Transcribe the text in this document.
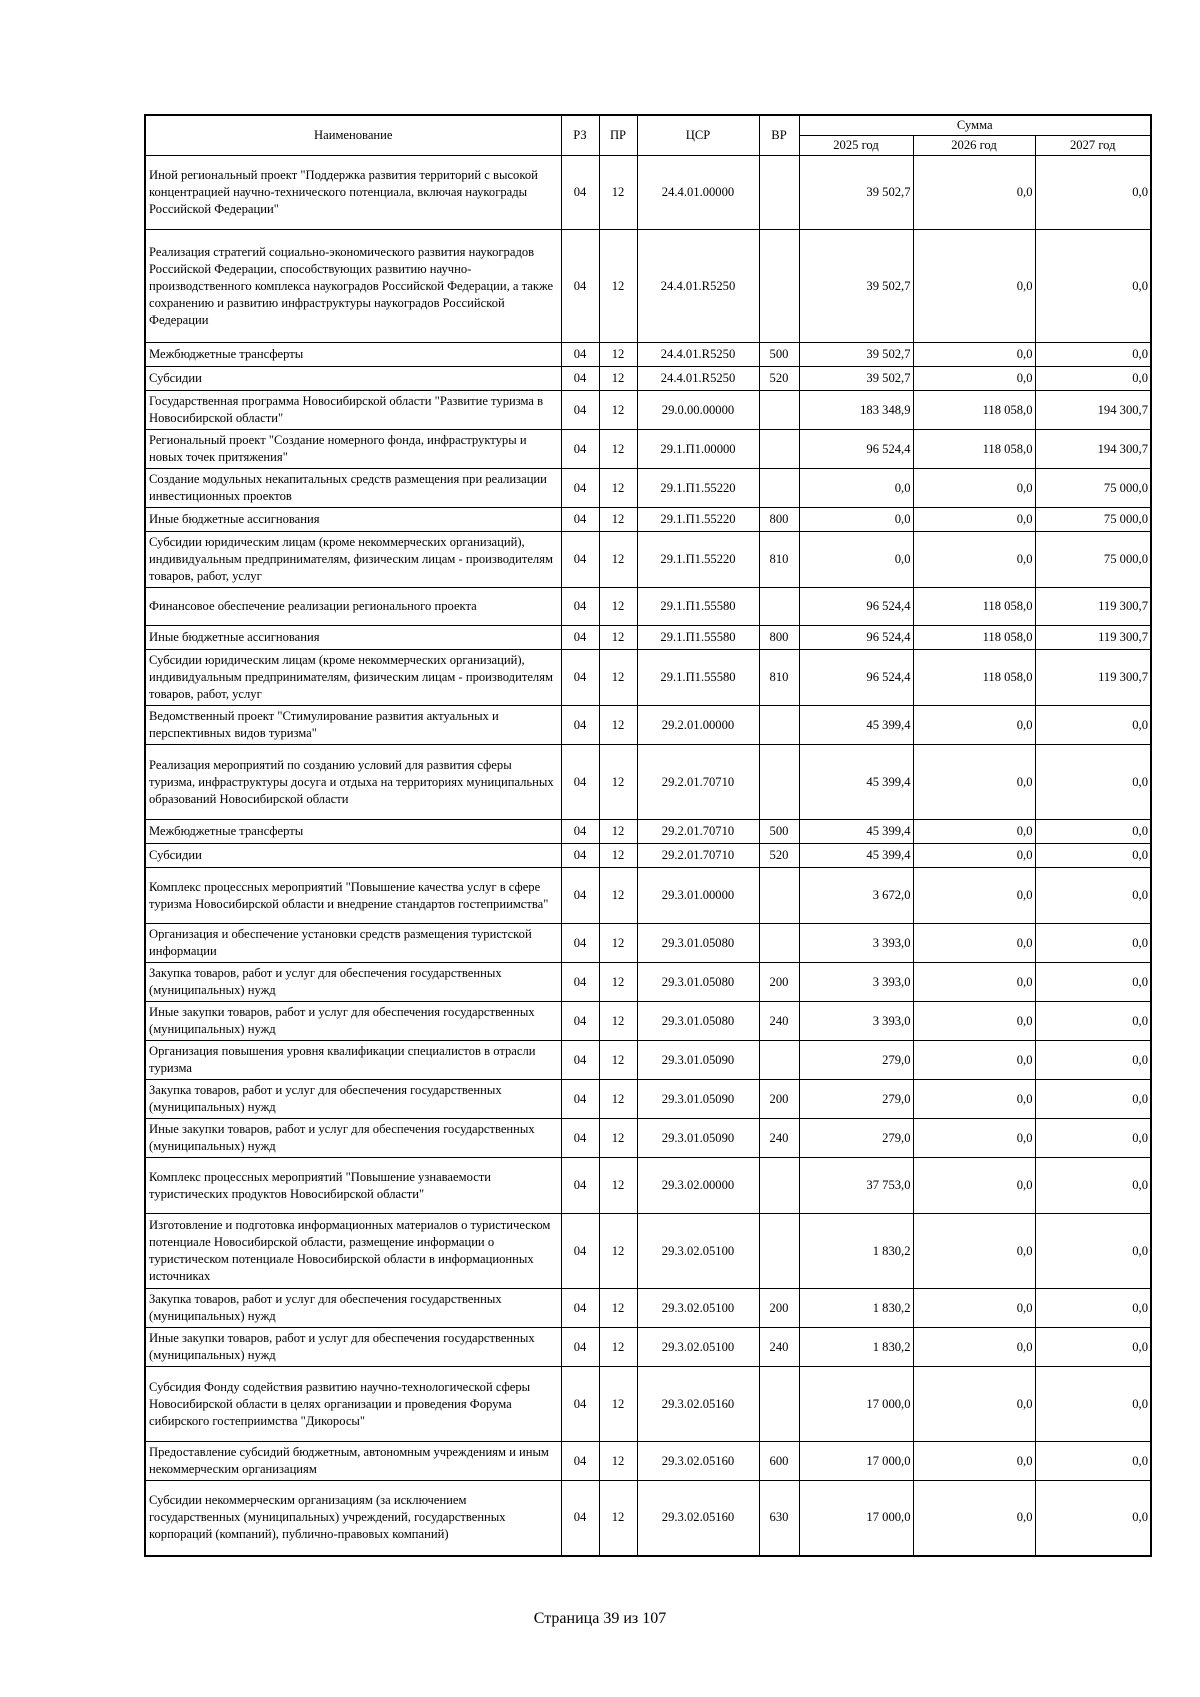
Наименование	РЗ	ПР	ЦСР	ВР	Сумма		
					2025 год	2026 год	2027 год
Иной региональный проект "Поддержка развития территорий с высокой концентрацией научно-технического потенциала, включая наукограды Российской Федерации"	04	12	24.4.01.00000		39 502,7	0,0	0,0
Реализация стратегий социально-экономического развития наукоградов Российской Федерации, способствующих развитию научно-производственного комплекса наукоградов Российской Федерации, а также сохранению и развитию инфраструктуры наукоградов Российской Федерации	04	12	24.4.01.R5250		39 502,7	0,0	0,0
Межбюджетные трансферты	04	12	24.4.01.R5250	500	39 502,7	0,0	0,0
Субсидии	04	12	24.4.01.R5250	520	39 502,7	0,0	0,0
Государственная программа Новосибирской области "Развитие туризма в Новосибирской области"	04	12	29.0.00.00000		183 348,9	118 058,0	194 300,7
Региональный проект "Создание номерного фонда, инфраструктуры и новых точек притяжения"	04	12	29.1.П1.00000		96 524,4	118 058,0	194 300,7
Создание модульных некапитальных средств размещения при реализации инвестиционных проектов	04	12	29.1.П1.55220		0,0	0,0	75 000,0
Иные бюджетные ассигнования	04	12	29.1.П1.55220	800	0,0	0,0	75 000,0
Субсидии юридическим лицам (кроме некоммерческих организаций), индивидуальным предпринимателям, физическим лицам - производителям товаров, работ, услуг	04	12	29.1.П1.55220	810	0,0	0,0	75 000,0
Финансовое обеспечение реализации регионального проекта	04	12	29.1.П1.55580		96 524,4	118 058,0	119 300,7
Иные бюджетные ассигнования	04	12	29.1.П1.55580	800	96 524,4	118 058,0	119 300,7
Субсидии юридическим лицам (кроме некоммерческих организаций), индивидуальным предпринимателям, физическим лицам - производителям товаров, работ, услуг	04	12	29.1.П1.55580	810	96 524,4	118 058,0	119 300,7
Ведомственный проект "Стимулирование развития актуальных и перспективных видов туризма"	04	12	29.2.01.00000		45 399,4	0,0	0,0
Реализация мероприятий по созданию условий для развития сферы туризма, инфраструктуры досуга и отдыха на территориях муниципальных образований Новосибирской области	04	12	29.2.01.70710		45 399,4	0,0	0,0
Межбюджетные трансферты	04	12	29.2.01.70710	500	45 399,4	0,0	0,0
Субсидии	04	12	29.2.01.70710	520	45 399,4	0,0	0,0
Комплекс процессных мероприятий "Повышение качества услуг в сфере туризма Новосибирской области и внедрение стандартов гостеприимства"	04	12	29.3.01.00000		3 672,0	0,0	0,0
Организация и обеспечение установки средств размещения туристской информации	04	12	29.3.01.05080		3 393,0	0,0	0,0
Закупка товаров, работ и услуг для обеспечения государственных (муниципальных) нужд	04	12	29.3.01.05080	200	3 393,0	0,0	0,0
Иные закупки товаров, работ и услуг для обеспечения государственных (муниципальных) нужд	04	12	29.3.01.05080	240	3 393,0	0,0	0,0
Организация повышения уровня квалификации специалистов в отрасли туризма	04	12	29.3.01.05090		279,0	0,0	0,0
Закупка товаров, работ и услуг для обеспечения государственных (муниципальных) нужд	04	12	29.3.01.05090	200	279,0	0,0	0,0
Иные закупки товаров, работ и услуг для обеспечения государственных (муниципальных) нужд	04	12	29.3.01.05090	240	279,0	0,0	0,0
Комплекс процессных мероприятий "Повышение узнаваемости туристических продуктов Новосибирской области"	04	12	29.3.02.00000		37 753,0	0,0	0,0
Изготовление и подготовка информационных материалов о туристическом потенциале Новосибирской области, размещение информации о туристическом потенциале Новосибирской области в информационных источниках	04	12	29.3.02.05100		1 830,2	0,0	0,0
Закупка товаров, работ и услуг для обеспечения государственных (муниципальных) нужд	04	12	29.3.02.05100	200	1 830,2	0,0	0,0
Иные закупки товаров, работ и услуг для обеспечения государственных (муниципальных) нужд	04	12	29.3.02.05100	240	1 830,2	0,0	0,0
Субсидия Фонду содействия развитию научно-технологической сферы Новосибирской области в целях организации и проведения Форума сибирского гостеприимства "Дикоросы"	04	12	29.3.02.05160		17 000,0	0,0	0,0
Предоставление субсидий бюджетным, автономным учреждениям и иным некоммерческим организациям	04	12	29.3.02.05160	600	17 000,0	0,0	0,0
Субсидии некоммерческим организациям (за исключением государственных (муниципальных) учреждений, государственных корпораций (компаний), публично-правовых компаний)	04	12	29.3.02.05160	630	17 000,0	0,0	0,0
Страница 39 из 107
